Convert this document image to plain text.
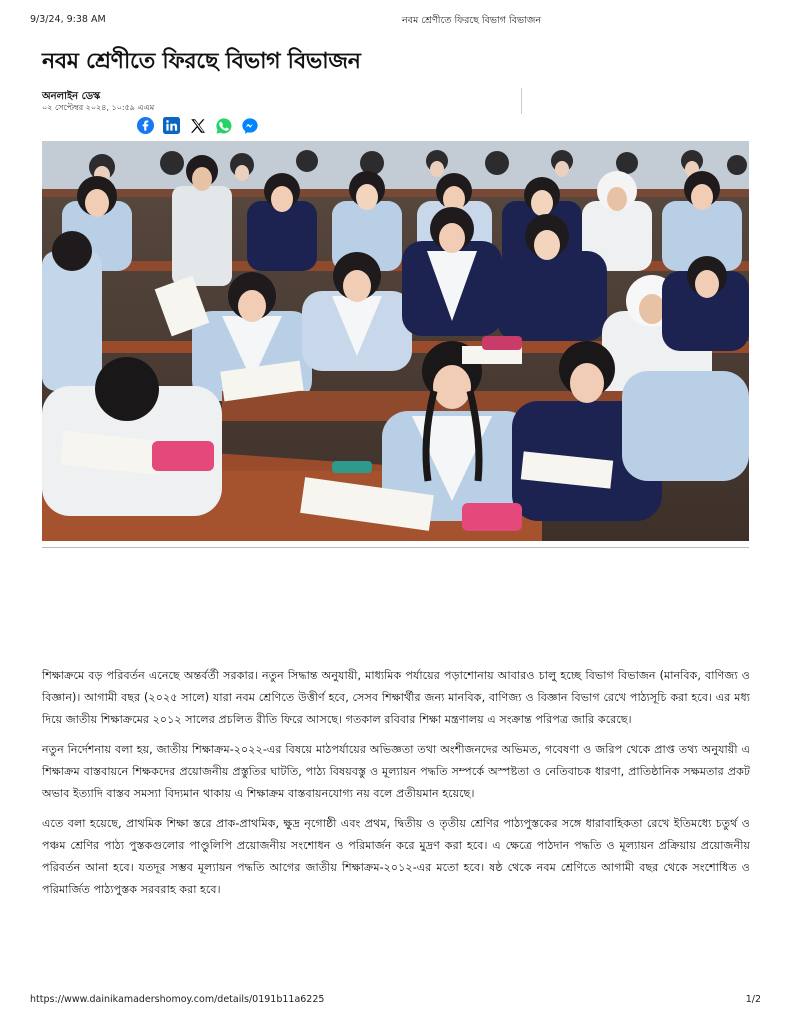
9/3/24, 9:38 AM	নবম শ্রেণীতে ফিরছে বিভাগ বিভাজন
নবম শ্রেণীতে ফিরছে বিভাগ বিভাজন
অনলাইন ডেস্ক
০২ সেপ্টেম্বর ২০২৪, ১০:৫৯ এএম

শিক্ষাক্রমে বড় পরিবর্তন এনেছে অন্তর্বর্তী সরকার। নতুন সিদ্ধান্ত অনুযায়ী, মাধ্যমিক পর্যায়ের পড়াশোনায় আবারও চালু হচ্ছে বিভাগ বিভাজন (মানবিক, বাণিজ্য ও বিজ্ঞান)। আগামী বছর (২০২৫ সালে) যারা নবম শ্রেণিতে উত্তীর্ণ হবে, সেসব শিক্ষার্থীর জন্য মানবিক, বাণিজ্য ও বিজ্ঞান বিভাগ রেখে পাঠ্যসূচি করা হবে। এর মধ্য দিয়ে জাতীয় শিক্ষাক্রমের ২০১২ সালের প্রচলিত রীতি ফিরে আসছে। গতকাল রবিবার শিক্ষা মন্ত্রণালয় এ সংক্রান্ত পরিপত্র জারি করেছে।

নতুন নির্দেশনায় বলা হয়, জাতীয় শিক্ষাক্রম-২০২২-এর বিষয়ে মাঠপর্যায়ের অভিজ্ঞতা তথা অংশীজনদের অভিমত, গবেষণা ও জরিপ থেকে প্রাপ্ত তথ্য অনুযায়ী এ শিক্ষাক্রম বাস্তবায়নে শিক্ষকদের প্রয়োজনীয় প্রস্তুতির ঘাটতি, পাঠ্য বিষয়বস্তু ও মূল্যায়ন পদ্ধতি সম্পর্কে অস্পষ্টতা ও নেতিবাচক ধারণা, প্রাতিষ্ঠানিক সক্ষমতার প্রকট অভাব ইত্যাদি বাস্তব সমস্যা বিদ্যমান থাকায় এ শিক্ষাক্রম বাস্তবায়নযোগ্য নয় বলে প্রতীয়মান হয়েছে।

এতে বলা হয়েছে, প্রাথমিক শিক্ষা স্তরে প্রাক-প্রাথমিক, ক্ষুদ্র নৃগোষ্ঠী এবং প্রথম, দ্বিতীয় ও তৃতীয় শ্রেণির পাঠ্যপুস্তকের সঙ্গে ধারাবাহিকতা রেখে ইতিমধ্যে চতুর্থ ও পঞ্চম শ্রেণির পাঠ্য পুস্তকগুলোর পাণ্ডুলিপি প্রয়োজনীয় সংশোধন ও পরিমার্জন করে মুদ্রণ করা হবে। এ ক্ষেত্রে পাঠদান পদ্ধতি ও মূল্যায়ন প্রক্রিয়ায় প্রয়োজনীয় পরিবর্তন আনা হবে। যতদূর সম্ভব মূল্যায়ন পদ্ধতি আগের জাতীয় শিক্ষাক্রম-২০১২-এর মতো হবে। ষষ্ঠ থেকে নবম শ্রেণিতে আগামী বছর থেকে সংশোধিত ও পরিমার্জিত পাঠ্যপুস্তক সরবরাহ করা হবে।

https://www.dainikamadershomoy.com/details/0191b11a6225	1/2
